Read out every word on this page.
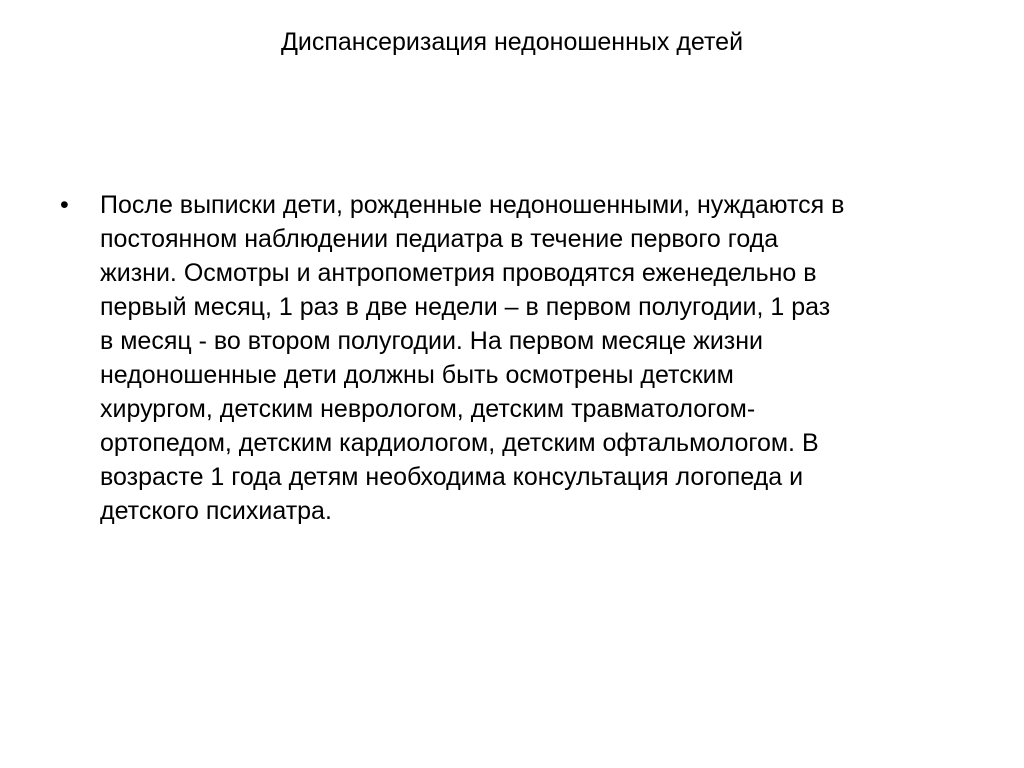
Диспансеризация недоношенных детей
• После выписки дети, рожденные недоношенными, нуждаются в
постоянном наблюдении педиатра в течение первого года
жизни. Осмотры и антропометрия проводятся еженедельно в
первый месяц, 1 раз в две недели – в первом полугодии, 1 раз
в месяц - во втором полугодии. На первом месяце жизни
недоношенные дети должны быть осмотрены детским
хирургом, детским неврологом, детским травматологом-
ортопедом, детским кардиологом, детским офтальмологом. В
возрасте 1 года детям необходима консультация логопеда и
детского психиатра.
